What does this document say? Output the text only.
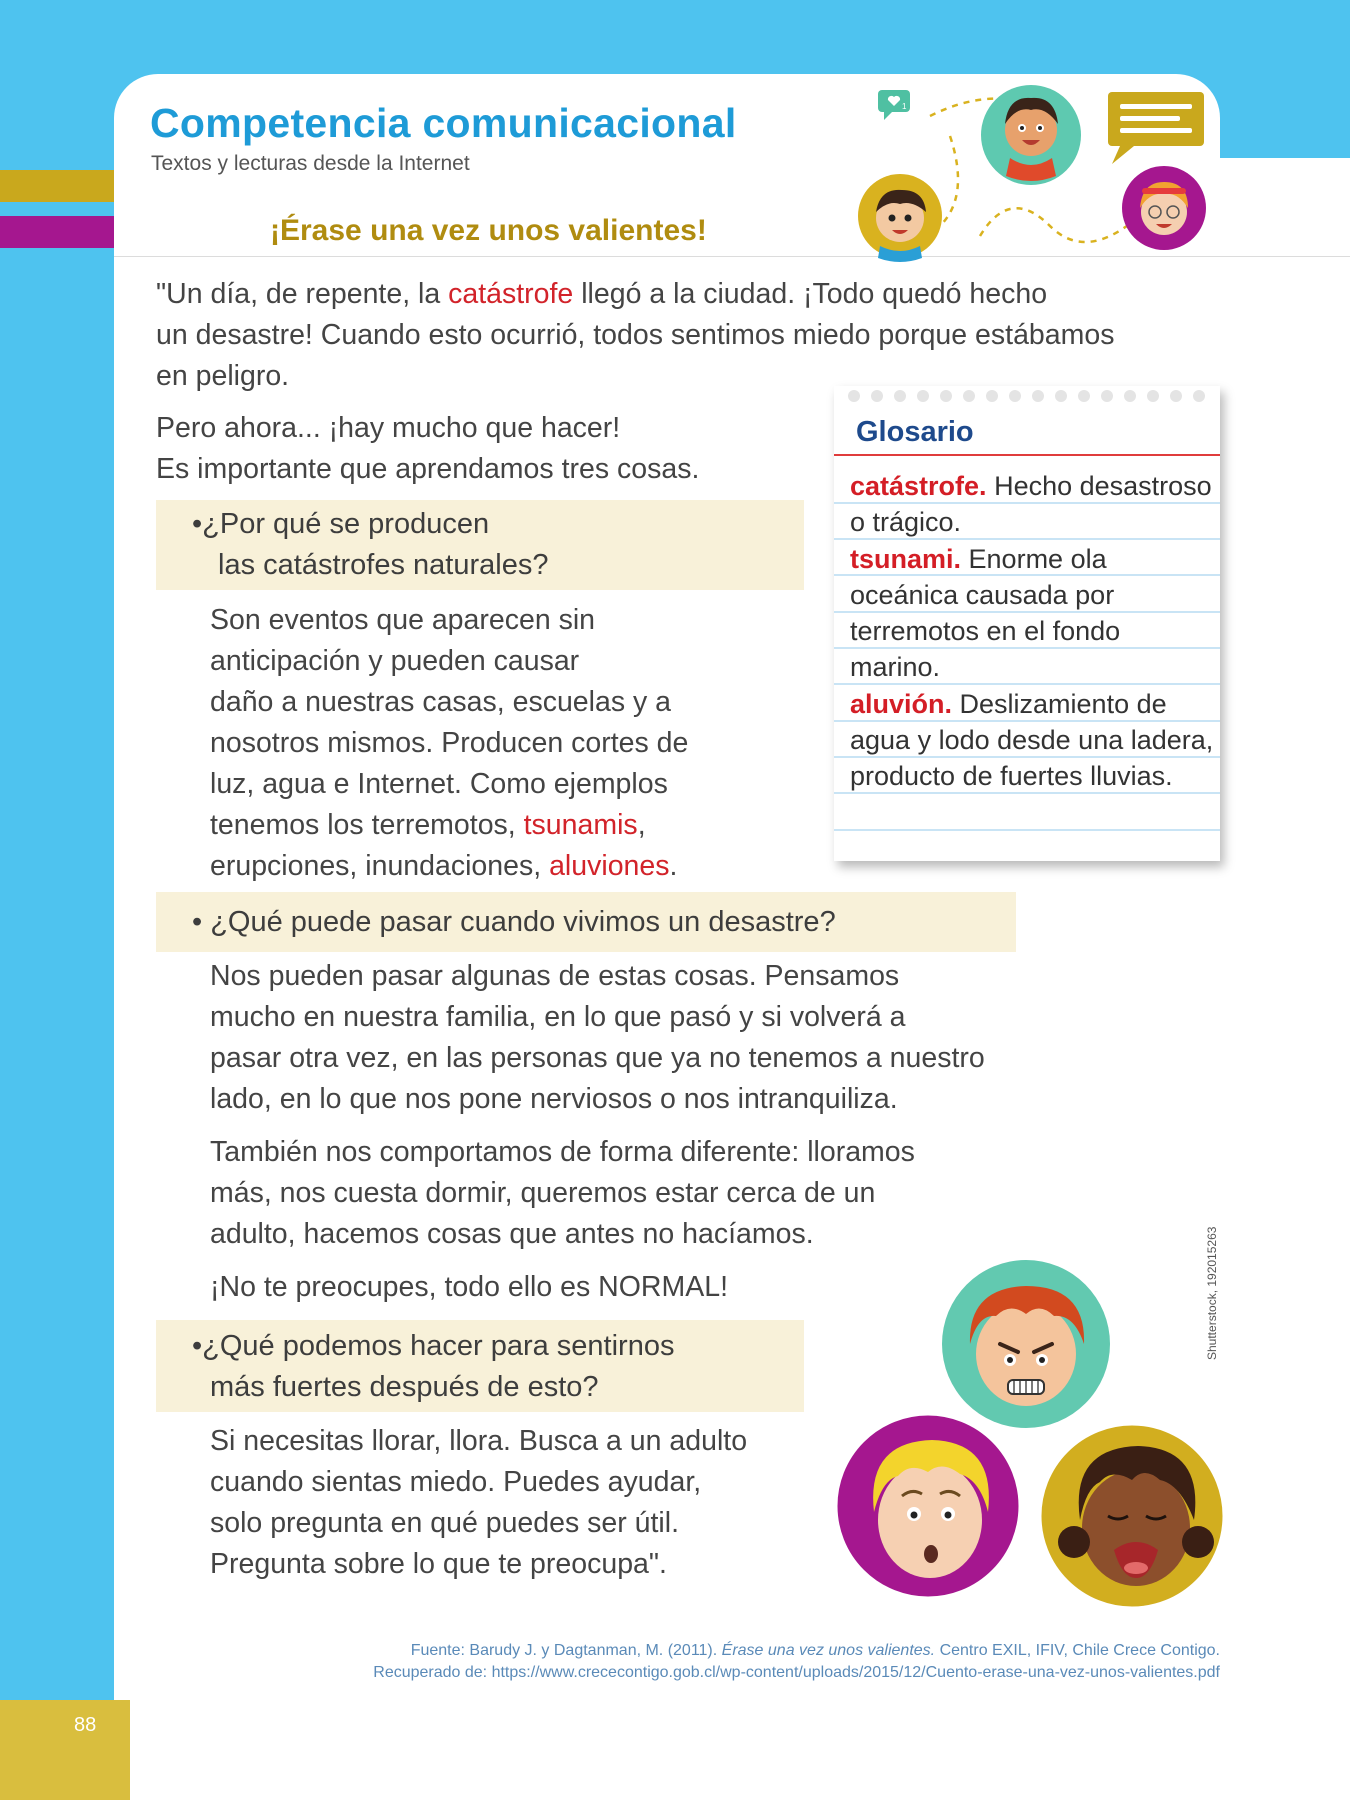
88
Competencia comunicacional
Textos y lecturas desde la Internet
¡Érase una vez unos valientes!
1
"Un día, de repente, la catástrofe llegó a la ciudad. ¡Todo quedó hecho
un desastre! Cuando esto ocurrió, todos sentimos miedo porque estábamos
en peligro.
Pero ahora... ¡hay mucho que hacer!
Es importante que aprendamos tres cosas.
•¿Por qué se producen
las catástrofes naturales?
Son eventos que aparecen sin
anticipación y pueden causar
daño a nuestras casas, escuelas y a
nosotros mismos. Producen cortes de
luz, agua e Internet. Como ejemplos
tenemos los terremotos, tsunamis,
erupciones, inundaciones, aluviones.
Glosario
catástrofe. Hecho desastroso o trágico.
tsunami. Enorme ola oceánica causada por terremotos en el fondo marino.
aluvión. Deslizamiento de agua y lodo desde una ladera, producto de fuertes lluvias.
• ¿Qué puede pasar cuando vivimos un desastre?
Nos pueden pasar algunas de estas cosas. Pensamos
mucho en nuestra familia, en lo que pasó y si volverá a
pasar otra vez, en las personas que ya no tenemos a nuestro
lado, en lo que nos pone nerviosos o nos intranquiliza.
También nos comportamos de forma diferente: lloramos
más, nos cuesta dormir, queremos estar cerca de un
adulto, hacemos cosas que antes no hacíamos.
¡No te preocupes, todo ello es NORMAL!
•¿Qué podemos hacer para sentirnos
más fuertes después de esto?
Si necesitas llorar, llora. Busca a un adulto
cuando sientas miedo. Puedes ayudar,
solo pregunta en qué puedes ser útil.
Pregunta sobre lo que te preocupa".
Shutterstock, 192015263
Fuente: Barudy J. y Dagtanman, M. (2011). Érase una vez unos valientes. Centro EXIL, IFIV, Chile Crece Contigo.
Recuperado de: https://www.crececontigo.gob.cl/wp-content/uploads/2015/12/Cuento-erase-una-vez-unos-valientes.pdf
